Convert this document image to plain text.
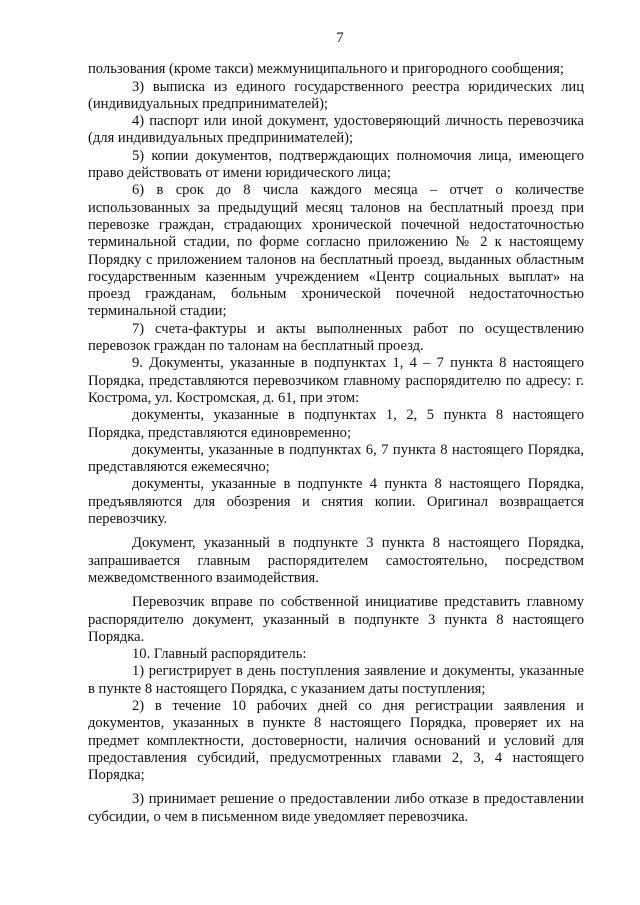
7

пользования (кроме такси) межмуниципального и пригородного сообщения;

3) выписка из единого государственного реестра юридических лиц (индивидуальных предпринимателей);

4) паспорт или иной документ, удостоверяющий личность перевозчика (для индивидуальных предпринимателей);

5) копии документов, подтверждающих полномочия лица, имеющего право действовать от имени юридического лица;

6) в срок до 8 числа каждого месяца – отчет о количестве использованных за предыдущий месяц талонов на бесплатный проезд при перевозке граждан, страдающих хронической почечной недостаточностью терминальной стадии, по форме согласно приложению № 2 к настоящему Порядку с приложением талонов на бесплатный проезд, выданных областным государственным казенным учреждением «Центр социальных выплат» на проезд гражданам, больным хронической почечной недостаточностью терминальной стадии;

7) счета-фактуры и акты выполненных работ по осуществлению перевозок граждан по талонам на бесплатный проезд.

9. Документы, указанные в подпунктах 1, 4 – 7 пункта 8 настоящего Порядка, представляются перевозчиком главному распорядителю по адресу: г. Кострома, ул. Костромская, д. 61, при этом:

документы, указанные в подпунктах 1, 2, 5 пункта 8 настоящего Порядка, представляются единовременно;

документы, указанные в подпунктах 6, 7 пункта 8 настоящего Порядка, представляются ежемесячно;

документы, указанные в подпункте 4 пункта 8 настоящего Порядка, предъявляются для обозрения и снятия копии. Оригинал возвращается перевозчику.

Документ, указанный в подпункте 3 пункта 8 настоящего Порядка, запрашивается главным распорядителем самостоятельно, посредством межведомственного взаимодействия.

Перевозчик вправе по собственной инициативе представить главному распорядителю документ, указанный в подпункте 3 пункта 8 настоящего Порядка.

10. Главный распорядитель:

1) регистрирует в день поступления заявление и документы, указанные в пункте 8 настоящего Порядка, с указанием даты поступления;

2) в течение 10 рабочих дней со дня регистрации заявления и документов, указанных в пункте 8 настоящего Порядка, проверяет их на предмет комплектности, достоверности, наличия оснований и условий для предоставления субсидий, предусмотренных главами 2, 3, 4 настоящего Порядка;

3) принимает решение о предоставлении либо отказе в предоставлении субсидии, о чем в письменном виде уведомляет перевозчика.
